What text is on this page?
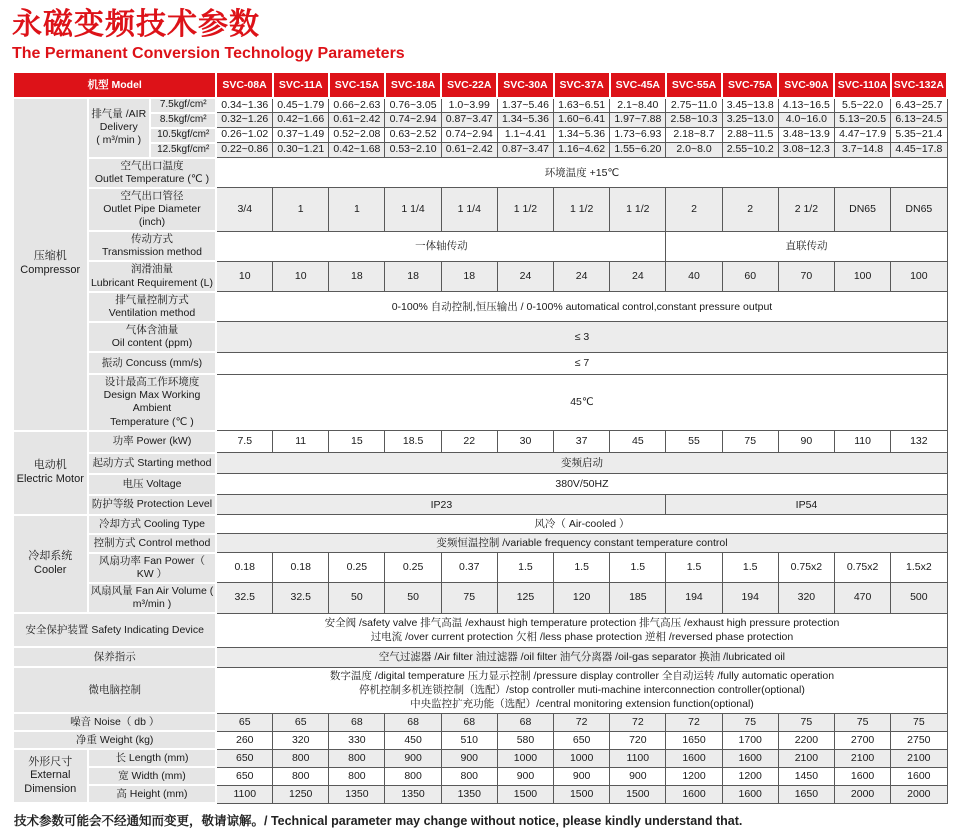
永磁变频技术参数
The Permanent Conversion Technology Parameters
机型 Model			SVC-08A	SVC-11A	SVC-15A	SVC-18A	SVC-22A	SVC-30A	SVC-37A	SVC-45A	SVC-55A	SVC-75A	SVC-90A	SVC-110A	SVC-132A
压缩机
Compressor	排气量 /AIR
Delivery
( m³/min )	7.5kgf/cm²	0.34~1.36	0.45~1.79	0.66~2.63	0.76~3.05	1.0~3.99	1.37~5.46	1.63~6.51	2.1~8.40	2.75~11.0	3.45~13.8	4.13~16.5	5.5~22.0	6.43~25.7
		8.5kgf/cm²	0.32~1.26	0.42~1.66	0.61~2.42	0.74~2.94	0.87~3.47	1.34~5.36	1.60~6.41	1.97~7.88	2.58~10.3	3.25~13.0	4.0~16.0	5.13~20.5	6.13~24.5
		10.5kgf/cm²	0.26~1.02	0.37~1.49	0.52~2.08	0.63~2.52	0.74~2.94	1.1~4.41	1.34~5.36	1.73~6.93	2.18~8.7	2.88~11.5	3.48~13.9	4.47~17.9	5.35~21.4
		12.5kgf/cm²	0.22~0.86	0.30~1.21	0.42~1.68	0.53~2.10	0.61~2.42	0.87~3.47	1.16~4.62	1.55~6.20	2.0~8.0	2.55~10.2	3.08~12.3	3.7~14.8	4.45~17.8
	空气出口温度
Outlet Temperature (℃ )		环境温度 +15℃												
	空气出口管径
Outlet Pipe Diameter (inch)		3/4	1	1	1 1/4	1 1/4	1 1/2	1 1/2	1 1/2	2	2	2 1/2	DN65	DN65
	传动方式
Transmission method		一体轴传动								直联传动				
	润滑油量
Lubricant Requirement (L)		10	10	18	18	18	24	24	24	40	60	70	100	100
	排气量控制方式
Ventilation method		0-100% 自动控制,恒压输出 / 0-100% automatical control,constant pressure output												
	气体含油量
Oil content (ppm)		≤ 3												
	振动 Concuss (mm/s)		≤ 7												
	设计最高工作环境度
Design Max Working Ambient
Temperature (℃ )		45℃												
电动机
Electric Motor	功率 Power (kW)		7.5	11	15	18.5	22	30	37	45	55	75	90	110	132
	起动方式 Starting method		变频启动												
	电压 Voltage		380V/50HZ												
	防护等级 Protection Level		IP23								IP54				
冷却系统
Cooler	冷却方式 Cooling Type		风冷（ Air-cooled ）												
	控制方式 Control method		变频恒温控制 /variable frequency constant temperature control												
	风扇功率 Fan Power（ KW ）		0.18	0.18	0.25	0.25	0.37	1.5	1.5	1.5	1.5	1.5	0.75x2	0.75x2	1.5x2
	风扇风量 Fan Air Volume ( m³/min )		32.5	32.5	50	50	75	125	120	185	194	194	320	470	500
安全保护装置 Safety Indicating Device			安全阀 /safety valve 排气高温 /exhaust high temperature protection 排气高压 /exhaust high pressure protection
过电流 /over current protection 欠相 /less phase protection 逆相 /reversed phase protection												
保养指示			空气过滤器 /Air filter 油过滤器 /oil filter 油气分离器 /oil-gas separator 换油 /lubricated oil												
微电脑控制			数字温度 /digital temperature 压力显示控制 /pressure display controller 全自动运转 /fully automatic operation
停机控制多机连锁控制（选配）/stop controller muti-machine interconnection controller(optional)
中央监控扩充功能（选配）/central monitoring extension function(optional)												
噪音 Noise（ db ）			65	65	68	68	68	68	72	72	72	75	75	75	75
净重 Weight (kg)			260	320	330	450	510	580	650	720	1650	1700	2200	2700	2750
外形尺寸
External
Dimension	长 Length (mm)		650	800	800	900	900	1000	1000	1100	1600	1600	2100	2100	2100
	宽 Width (mm)		650	800	800	800	800	900	900	900	1200	1200	1450	1600	1600
	高 Height (mm)		1100	1250	1350	1350	1350	1500	1500	1500	1600	1600	1650	2000	2000
技术参数可能会不经通知而变更，敬请谅解。/ Technical parameter may change without notice, please kindly understand that.
